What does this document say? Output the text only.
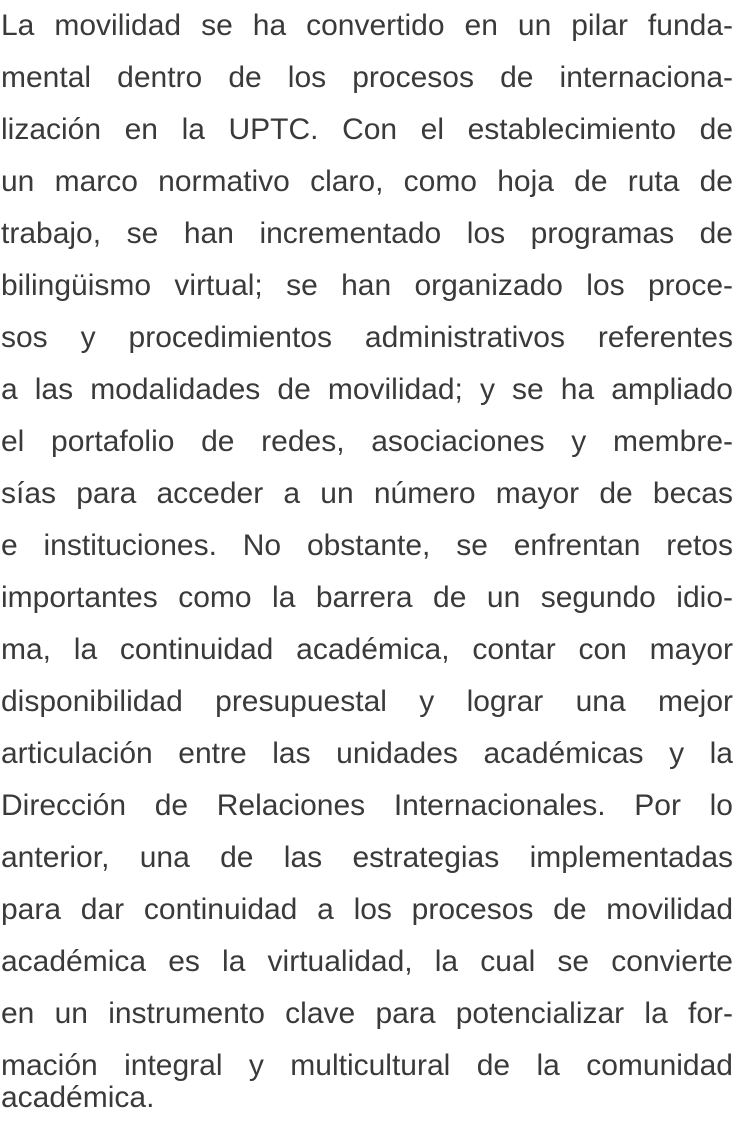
La movilidad se ha convertido en un pilar funda-
mental dentro de los procesos de internaciona-
lización en la UPTC. Con el establecimiento de
un marco normativo claro, como hoja de ruta de
trabajo, se han incrementado los programas de
bilingüismo virtual; se han organizado los proce-
sos y procedimientos administrativos referentes
a las modalidades de movilidad; y se ha ampliado
el portafolio de redes, asociaciones y membre-
sías para acceder a un número mayor de becas
e instituciones. No obstante, se enfrentan retos
importantes como la barrera de un segundo idio-
ma, la continuidad académica, contar con mayor
disponibilidad presupuestal y lograr una mejor
articulación entre las unidades académicas y la
Dirección de Relaciones Internacionales. Por lo
anterior, una de las estrategias implementadas
para dar continuidad a los procesos de movilidad
académica es la virtualidad, la cual se convierte
en un instrumento clave para potencializar la for-
mación integral y multicultural de la comunidad
académica.
